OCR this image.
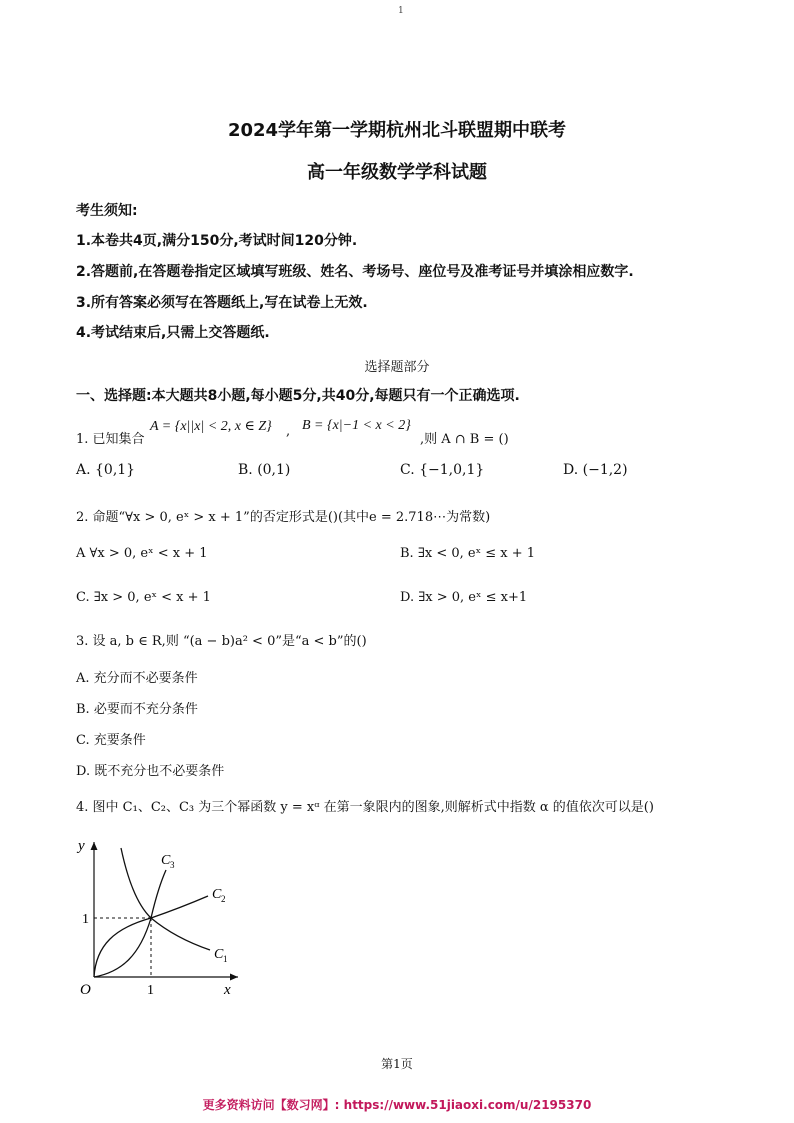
1
2024学年第一学期杭州北斗联盟期中联考
高一年级数学学科试题
考生须知:
1.本卷共4页,满分150分,考试时间120分钟.
2.答题前,在答题卷指定区域填写班级、姓名、考场号、座位号及准考证号并填涂相应数字.
3.所有答案必须写在答题纸上,写在试卷上无效.
4.考试结束后,只需上交答题纸.
选择题部分
一、选择题:本大题共8小题,每小题5分,共40分,每题只有一个正确选项.
1. 已知集合
A = {x||x| < 2, x ∈ Z} , B = {x|−1 < x < 2}
,则 A ∩ B = ()
A. {0,1}	B. (0,1)	C. {−1,0,1}	D. (−1,2)
2. 命题“∀x > 0, eˣ > x + 1”的否定形式是()(其中e = 2.718⋯为常数)
A ∀x > 0, eˣ < x + 1	B. ∃x < 0, eˣ ≤ x + 1
C. ∃x > 0, eˣ < x + 1	D. ∃x > 0, eˣ ≤ x+1
3. 设 a, b ∈ R,则 “(a − b)a² < 0”是“a < b”的()
A. 充分而不必要条件
B. 必要而不充分条件
C. 充要条件
D. 既不充分也不必要条件
4. 图中 C₁、C₂、C₃ 为三个幂函数 y = xᵅ 在第一象限内的图象,则解析式中指数 α 的值依次可以是()
y
x
O	1
1
C 3
C 2
C 1
第1页
更多资料访问【数习网】: https://www.51jiaoxi.com/u/2195370
